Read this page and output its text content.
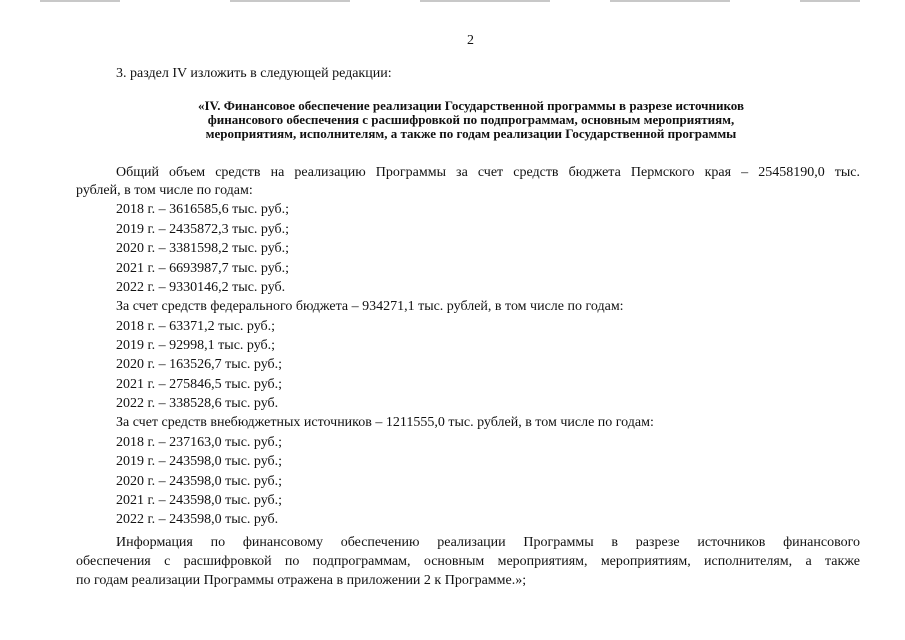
2
3. раздел IV изложить в следующей редакции:
«IV. Финансовое обеспечение реализации Государственной программы в разрезе источников
финансового обеспечения с расшифровкой по подпрограммам, основным мероприятиям,
мероприятиям, исполнителям, а также по годам реализации Государственной программы
Общий объем средств на реализацию Программы за счет средств бюджета Пермского края – 25458190,0 тыс.
рублей, в том числе по годам:
2018 г. – 3616585,6 тыс. руб.;
2019 г. – 2435872,3 тыс. руб.;
2020 г. – 3381598,2 тыс. руб.;
2021 г. – 6693987,7 тыс. руб.;
2022 г. – 9330146,2 тыс. руб.
За счет средств федерального бюджета – 934271,1 тыс. рублей, в том числе по годам:
2018 г. – 63371,2 тыс. руб.;
2019 г. – 92998,1 тыс. руб.;
2020 г. – 163526,7 тыс. руб.;
2021 г. – 275846,5 тыс. руб.;
2022 г. – 338528,6 тыс. руб.
За счет средств внебюджетных источников – 1211555,0 тыс. рублей, в том числе по годам:
2018 г. – 237163,0 тыс. руб.;
2019 г. – 243598,0 тыс. руб.;
2020 г. – 243598,0 тыс. руб.;
2021 г. – 243598,0 тыс. руб.;
2022 г. – 243598,0 тыс. руб.
Информация по финансовому обеспечению реализации Программы в разрезе источников финансового
обеспечения с расшифровкой по подпрограммам, основным мероприятиям, мероприятиям, исполнителям, а также
по годам реализации Программы отражена в приложении 2 к Программе.»;
